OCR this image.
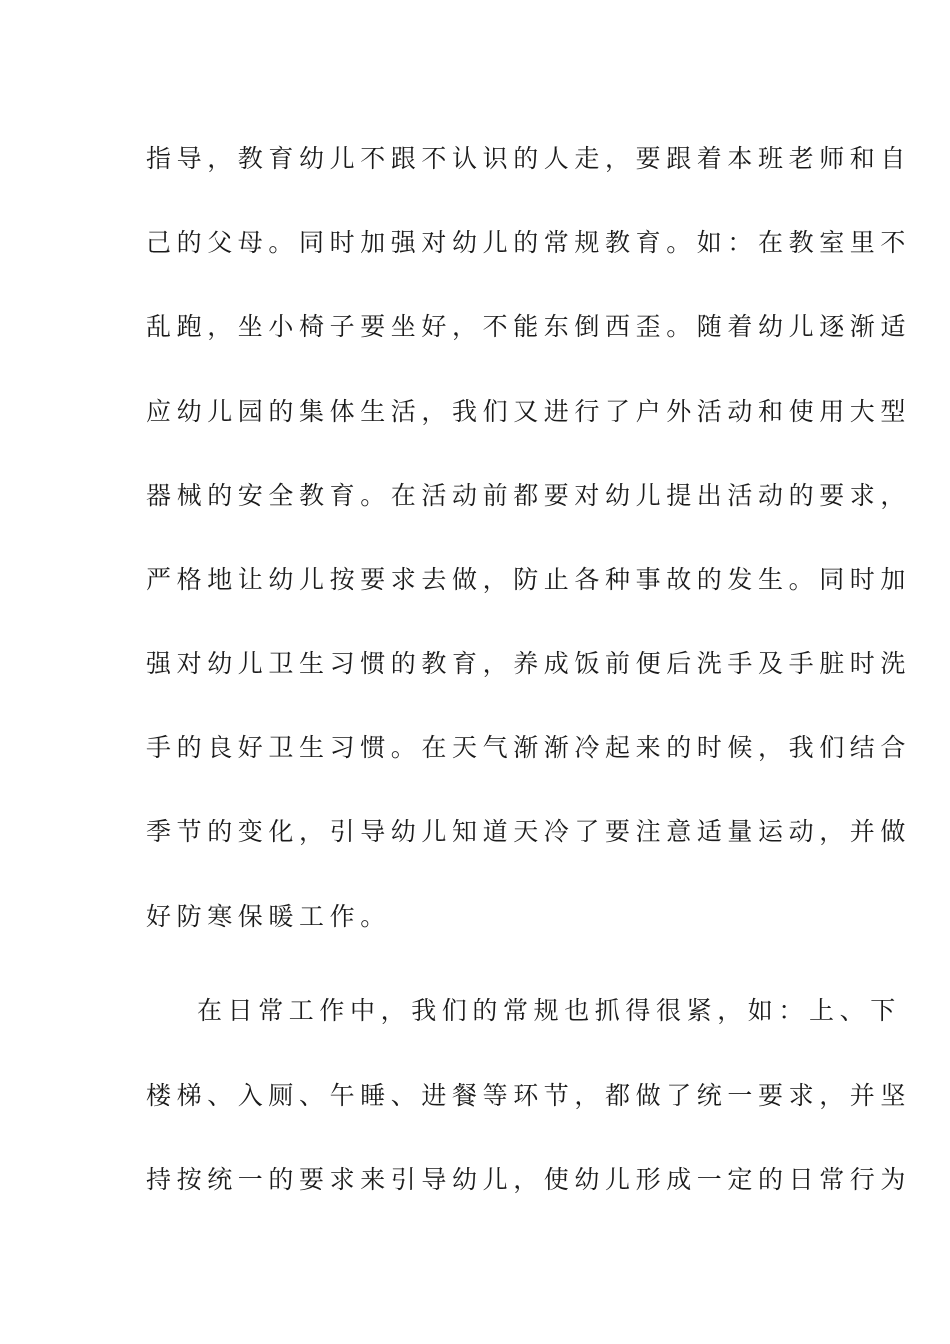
指导，教育幼儿不跟不认识的人走，要跟着本班老师和自
己的父母。同时加强对幼儿的常规教育。如：在教室里不
乱跑，坐小椅子要坐好，不能东倒西歪。随着幼儿逐渐适
应幼儿园的集体生活，我们又进行了户外活动和使用大型
器械的安全教育。在活动前都要对幼儿提出活动的要求，
严格地让幼儿按要求去做，防止各种事故的发生。同时加
强对幼儿卫生习惯的教育，养成饭前便后洗手及手脏时洗
手的良好卫生习惯。在天气渐渐冷起来的时候，我们结合
季节的变化，引导幼儿知道天冷了要注意适量运动，并做
好防寒保暖工作。
在日常工作中，我们的常规也抓得很紧，如：上、下
楼梯、入厕、午睡、进餐等环节，都做了统一要求，并坚
持按统一的要求来引导幼儿，使幼儿形成一定的日常行为
